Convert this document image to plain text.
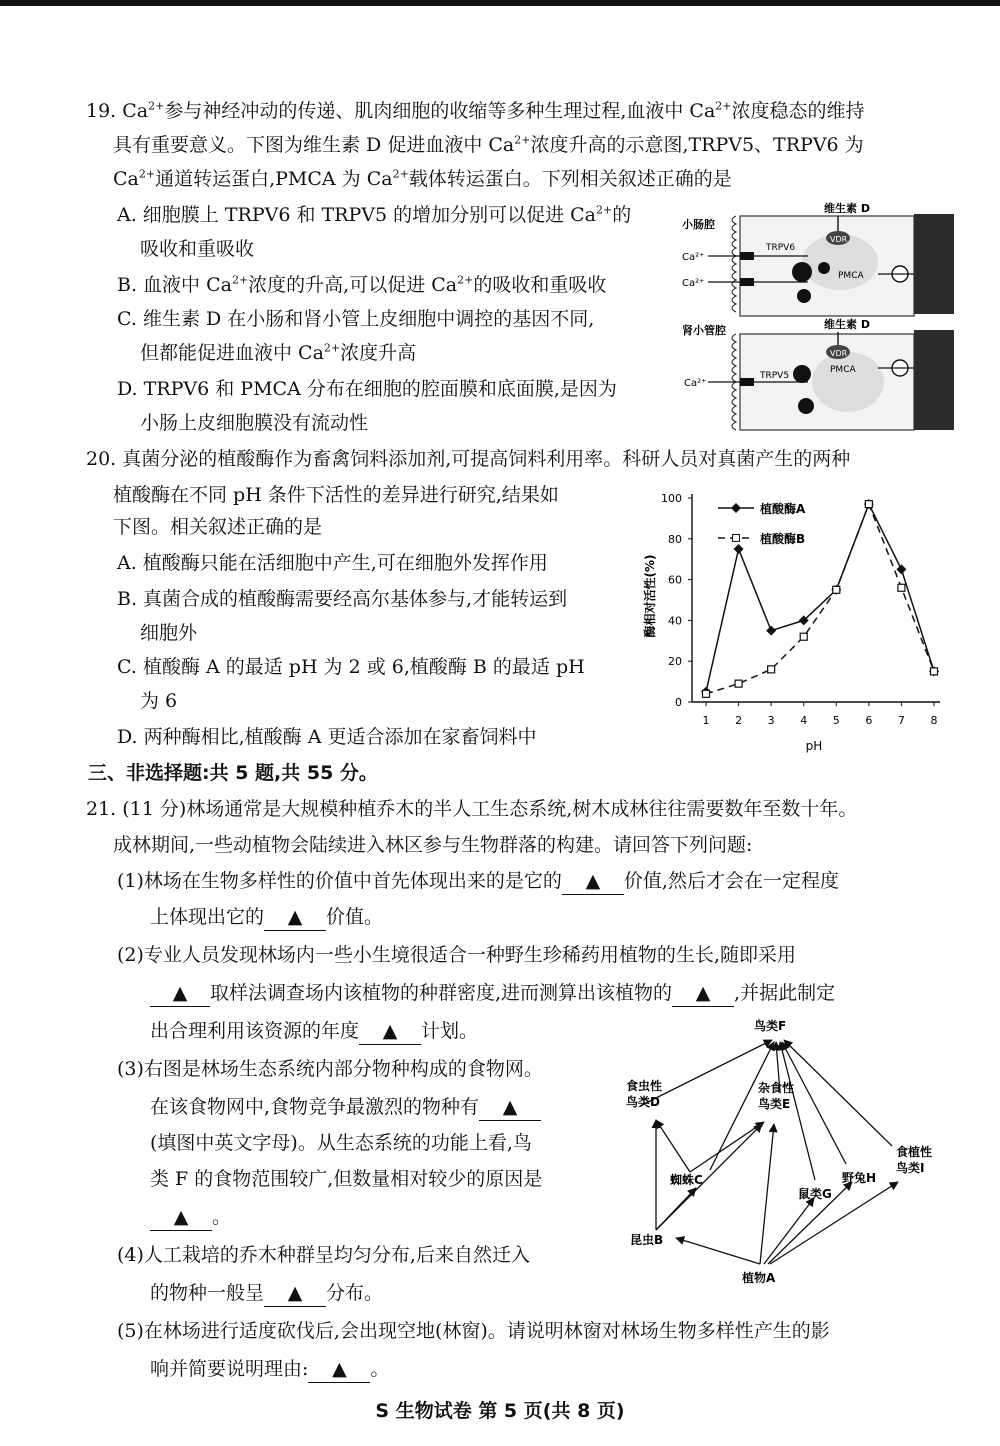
19. $Ca^{2+}$参与神经冲动的传递、肌肉细胞的收缩等多种生理过程,血液中 $Ca^{2+}$浓度稳态的维持
具有重要意义。下图为维生素 D 促进血液中 $Ca^{2+}$浓度升高的示意图,TRPV5、TRPV6 为
$Ca^{2+}$通道转运蛋白,PMCA 为 $Ca^{2+}$载体转运蛋白。下列相关叙述正确的是
A. 细胞膜上 TRPV6 和 TRPV5 的增加分别可以促进 $Ca^{2+}$的
吸收和重吸收
B. 血液中 $Ca^{2+}$浓度的升高,可以促进 $Ca^{2+}$的吸收和重吸收
C. 维生素 D 在小肠和肾小管上皮细胞中调控的基因不同,
但都能促进血液中 $Ca^{2+}$浓度升高
D. TRPV6 和 PMCA 分布在细胞的腔面膜和底面膜,是因为
小肠上皮细胞膜没有流动性
小肠腔
维生素 D
VDR
Ca²⁺
Ca²⁺
TRPV6
PMCA
肾小管腔	维生素 D
VDR
Ca²⁺
TRPV5
PMCA
20. 真菌分泌的植酸酶作为畜禽饲料添加剂,可提高饲料利用率。科研人员对真菌产生的两种
植酸酶在不同 pH 条件下活性的差异进行研究,结果如
下图。相关叙述正确的是
A. 植酸酶只能在活细胞中产生,可在细胞外发挥作用
B. 真菌合成的植酸酶需要经高尔基体参与,才能转运到
细胞外
C. 植酸酶 A 的最适 pH 为 2 或 6,植酸酶 B 的最适 pH
为 6
D. 两种酶相比,植酸酶 A 更适合添加在家畜饲料中
0
20
40
60
80
100
1 2 3 4 5 6 7 8
植酸酶A
植酸酶B
pH
酶相对活性(%)
三、非选择题:共 5 题,共 55 分。
21. (11 分)林场通常是大规模种植乔木的半人工生态系统,树木成林往往需要数年至数十年。
成林期间,一些动植物会陆续进入林区参与生物群落的构建。请回答下列问题:
(1)林场在生物多样性的价值中首先体现出来的是它的 ▲ 价值,然后才会在一定程度
上体现出它的 ▲ 价值。
(2)专业人员发现林场内一些小生境很适合一种野生珍稀药用植物的生长,随即采用
▲ 取样法调查场内该植物的种群密度,进而测算出该植物的 ▲ ,并据此制定
出合理利用该资源的年度 ▲ 计划。
(3)右图是林场生态系统内部分物种构成的食物网。
在该食物网中,食物竞争最激烈的物种有 ▲
(填图中英文字母)。从生态系统的功能上看,鸟
类 F 的食物范围较广,但数量相对较少的原因是
▲ 。
(4)人工栽培的乔木种群呈均匀分布,后来自然迁入
的物种一般呈 ▲ 分布。
(5)在林场进行适度砍伐后,会出现空地(林窗)。请说明林窗对林场生物多样性产生的影
响并简要说明理由: ▲ 。
鸟类F
食虫性
鸟类D
杂食性
鸟类E
蜘蛛C
鼠类G
野兔H
食植性
鸟类I
昆虫B
植物A
S 生物试卷 第 5 页(共 8 页)
